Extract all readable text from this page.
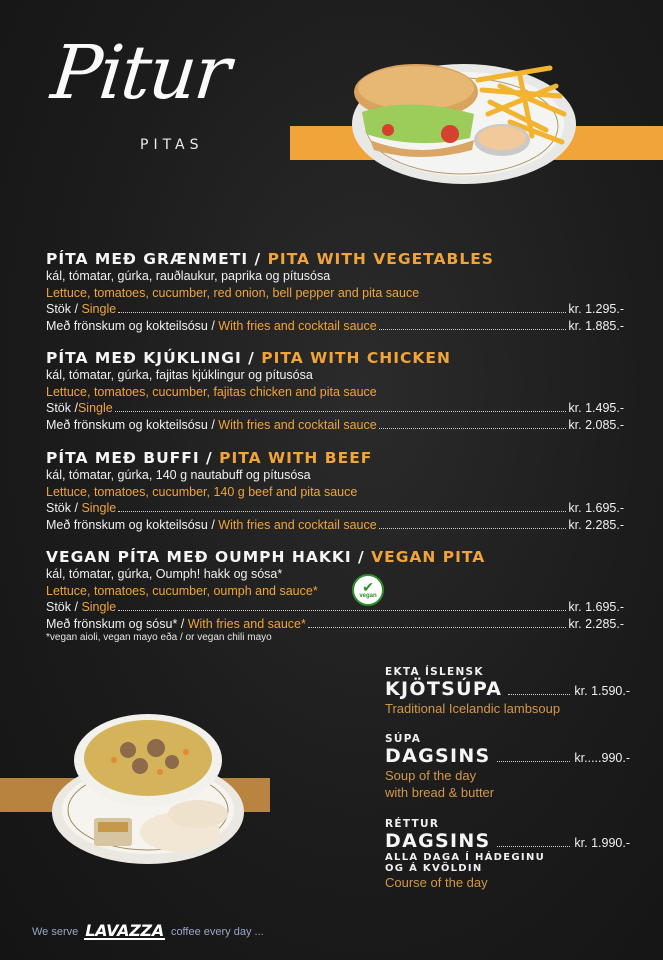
Pitur
PITAS
PÍTA MEÐ GRÆNMETI / PITA WITH VEGETABLES
kál, tómatar, gúrka, rauðlaukur, paprika og pítusósa
Lettuce, tomatoes, cucumber, red onion, bell pepper and pita sauce
Stök / Single	kr. 1.295.-
Með frönskum og kokteilsósu / With fries and cocktail sauce	kr. 1.885.-
PÍTA MEÐ KJÚKLINGI / PITA WITH CHICKEN
kál, tómatar, gúrka, fajitas kjúklingur og pítusósa
Lettuce, tomatoes, cucumber, fajitas chicken and pita sauce
Stök /Single	kr. 1.495.-
Með frönskum og kokteilsósu / With fries and cocktail sauce	kr. 2.085.-
PÍTA MEÐ BUFFI / PITA WITH BEEF
kál, tómatar, gúrka, 140 g nautabuff og pítusósa
Lettuce, tomatoes, cucumber, 140 g beef and pita sauce
Stök / Single	kr. 1.695.-
Með frönskum og kokteilsósu / With fries and cocktail sauce	kr. 2.285.-
VEGAN PÍTA MEÐ OUMPH HAKKI / VEGAN PITA
kál, tómatar, gúrka, Oumph! hakk og sósa*
Lettuce, tomatoes, cucumber, oumph and sauce*
Stök / Single	kr. 1.695.-
Með frönskum og sósu* / With fries and sauce*	kr. 2.285.-
*vegan aioli, vegan mayo eða / or vegan chili mayo
✔
vegan
EKTA ÍSLENSK
KJÖTSÚPA	kr. 1.590.-
Traditional Icelandic lambsoup
SÚPA
DAGSINS	kr.....990.-
Soup of the day
with bread & butter
RÉTTUR
DAGSINS	kr. 1.990.-
ALLA DAGA Í HÁDEGINU
OG Á KVÖLDIN
Course of the day
We serve LAVAZZA coffee every day ...
